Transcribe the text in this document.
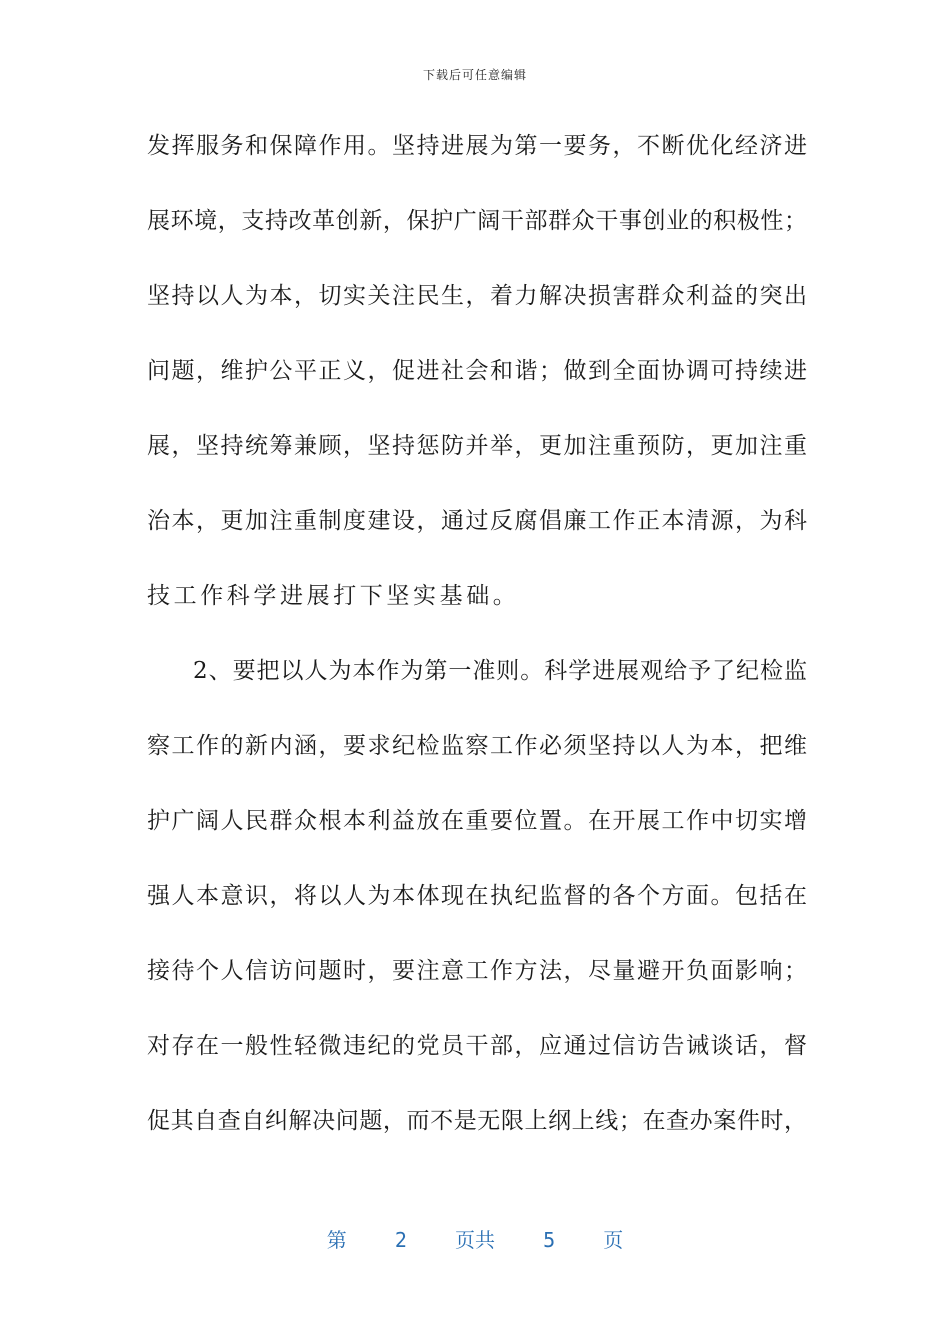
下载后可任意编辑
发挥服务和保障作用。坚持进展为第一要务，不断优化经济进
展环境，支持改革创新，保护广阔干部群众干事创业的积极性；
坚持以人为本，切实关注民生，着力解决损害群众利益的突出
问题，维护公平正义，促进社会和谐；做到全面协调可持续进
展，坚持统筹兼顾，坚持惩防并举，更加注重预防，更加注重
治本，更加注重制度建设，通过反腐倡廉工作正本清源，为科
技工作科学进展打下坚实基础。
2、要把以人为本作为第一准则。科学进展观给予了纪检监
察工作的新内涵，要求纪检监察工作必须坚持以人为本，把维
护广阔人民群众根本利益放在重要位置。在开展工作中切实增
强人本意识，将以人为本体现在执纪监督的各个方面。包括在
接待个人信访问题时，要注意工作方法，尽量避开负面影响；
对存在一般性轻微违纪的党员干部，应通过信访告诫谈话，督
促其自查自纠解决问题，而不是无限上纲上线；在查办案件时，
第 2 页共 5 页
